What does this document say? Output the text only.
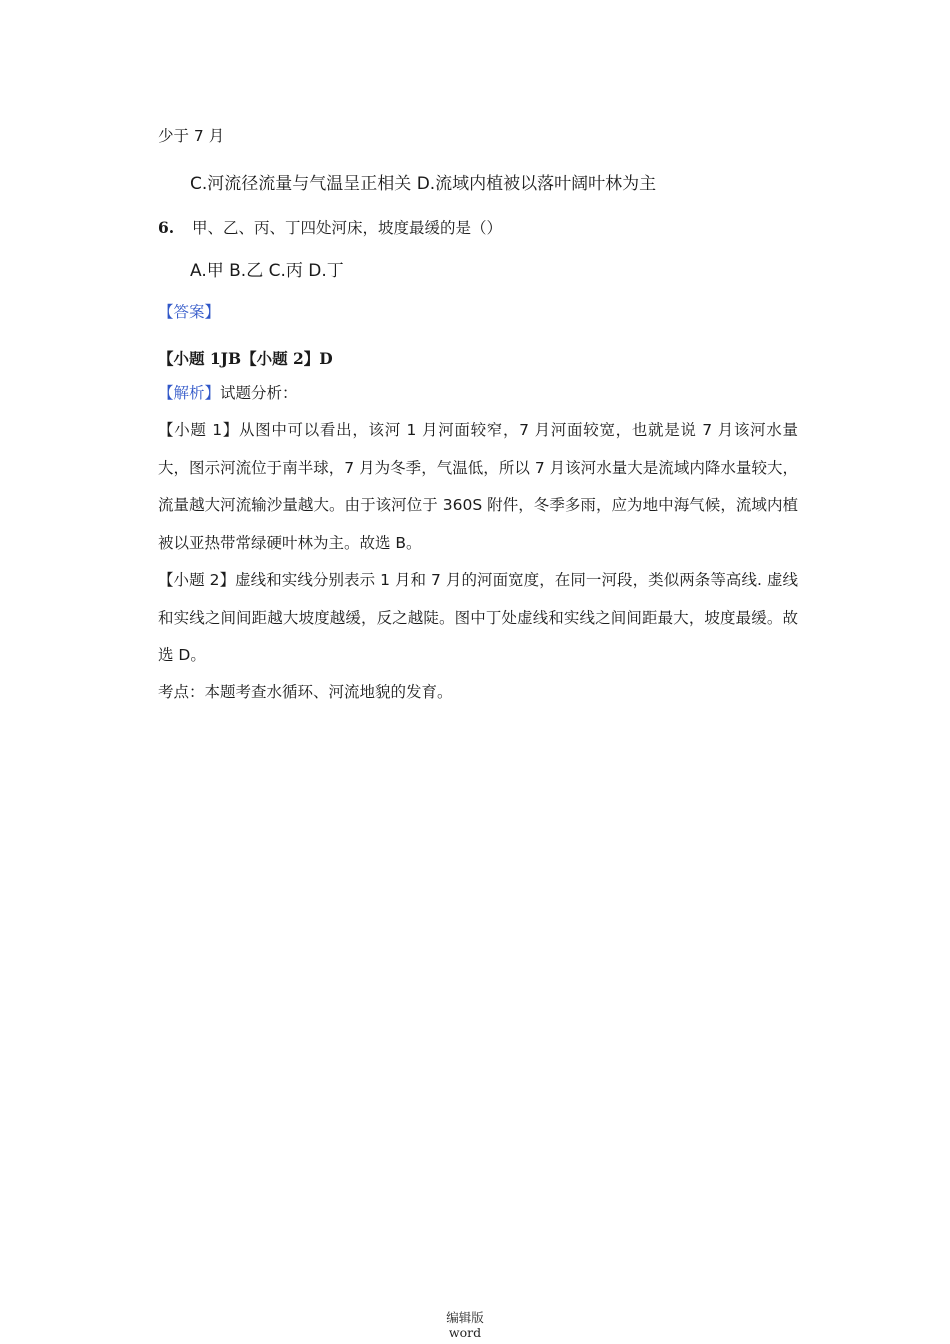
少于 7 月
C.河流径流量与气温呈正相关 D.流域内植被以落叶阔叶林为主
6. 甲、乙、丙、丁四处河床，坡度最缓的是（）
A.甲 B.乙 C.丙 D.丁
【答案】
【小题 1JB【小题 2】D
【解析】试题分析：
【小题 1】从图中可以看出，该河 1 月河面较窄，7 月河面较宽，也就是说 7 月该河水量大，图示河流位于南半球，7 月为冬季，气温低，所以 7 月该河水量大是流域内降水量较大，流量越大河流输沙量越大。由于该河位于 360S 附件，冬季多雨，应为地中海气候，流域内植被以亚热带常绿硬叶林为主。故选 B。
【小题 2】虚线和实线分别表示 1 月和 7 月的河面宽度，在同一河段，类似两条等高线. 虚线和实线之间间距越大坡度越缓，反之越陡。图中丁处虚线和实线之间间距最大，坡度最缓。故选 D。
考点：本题考查水循环、河流地貌的发育。
编辑版
word
